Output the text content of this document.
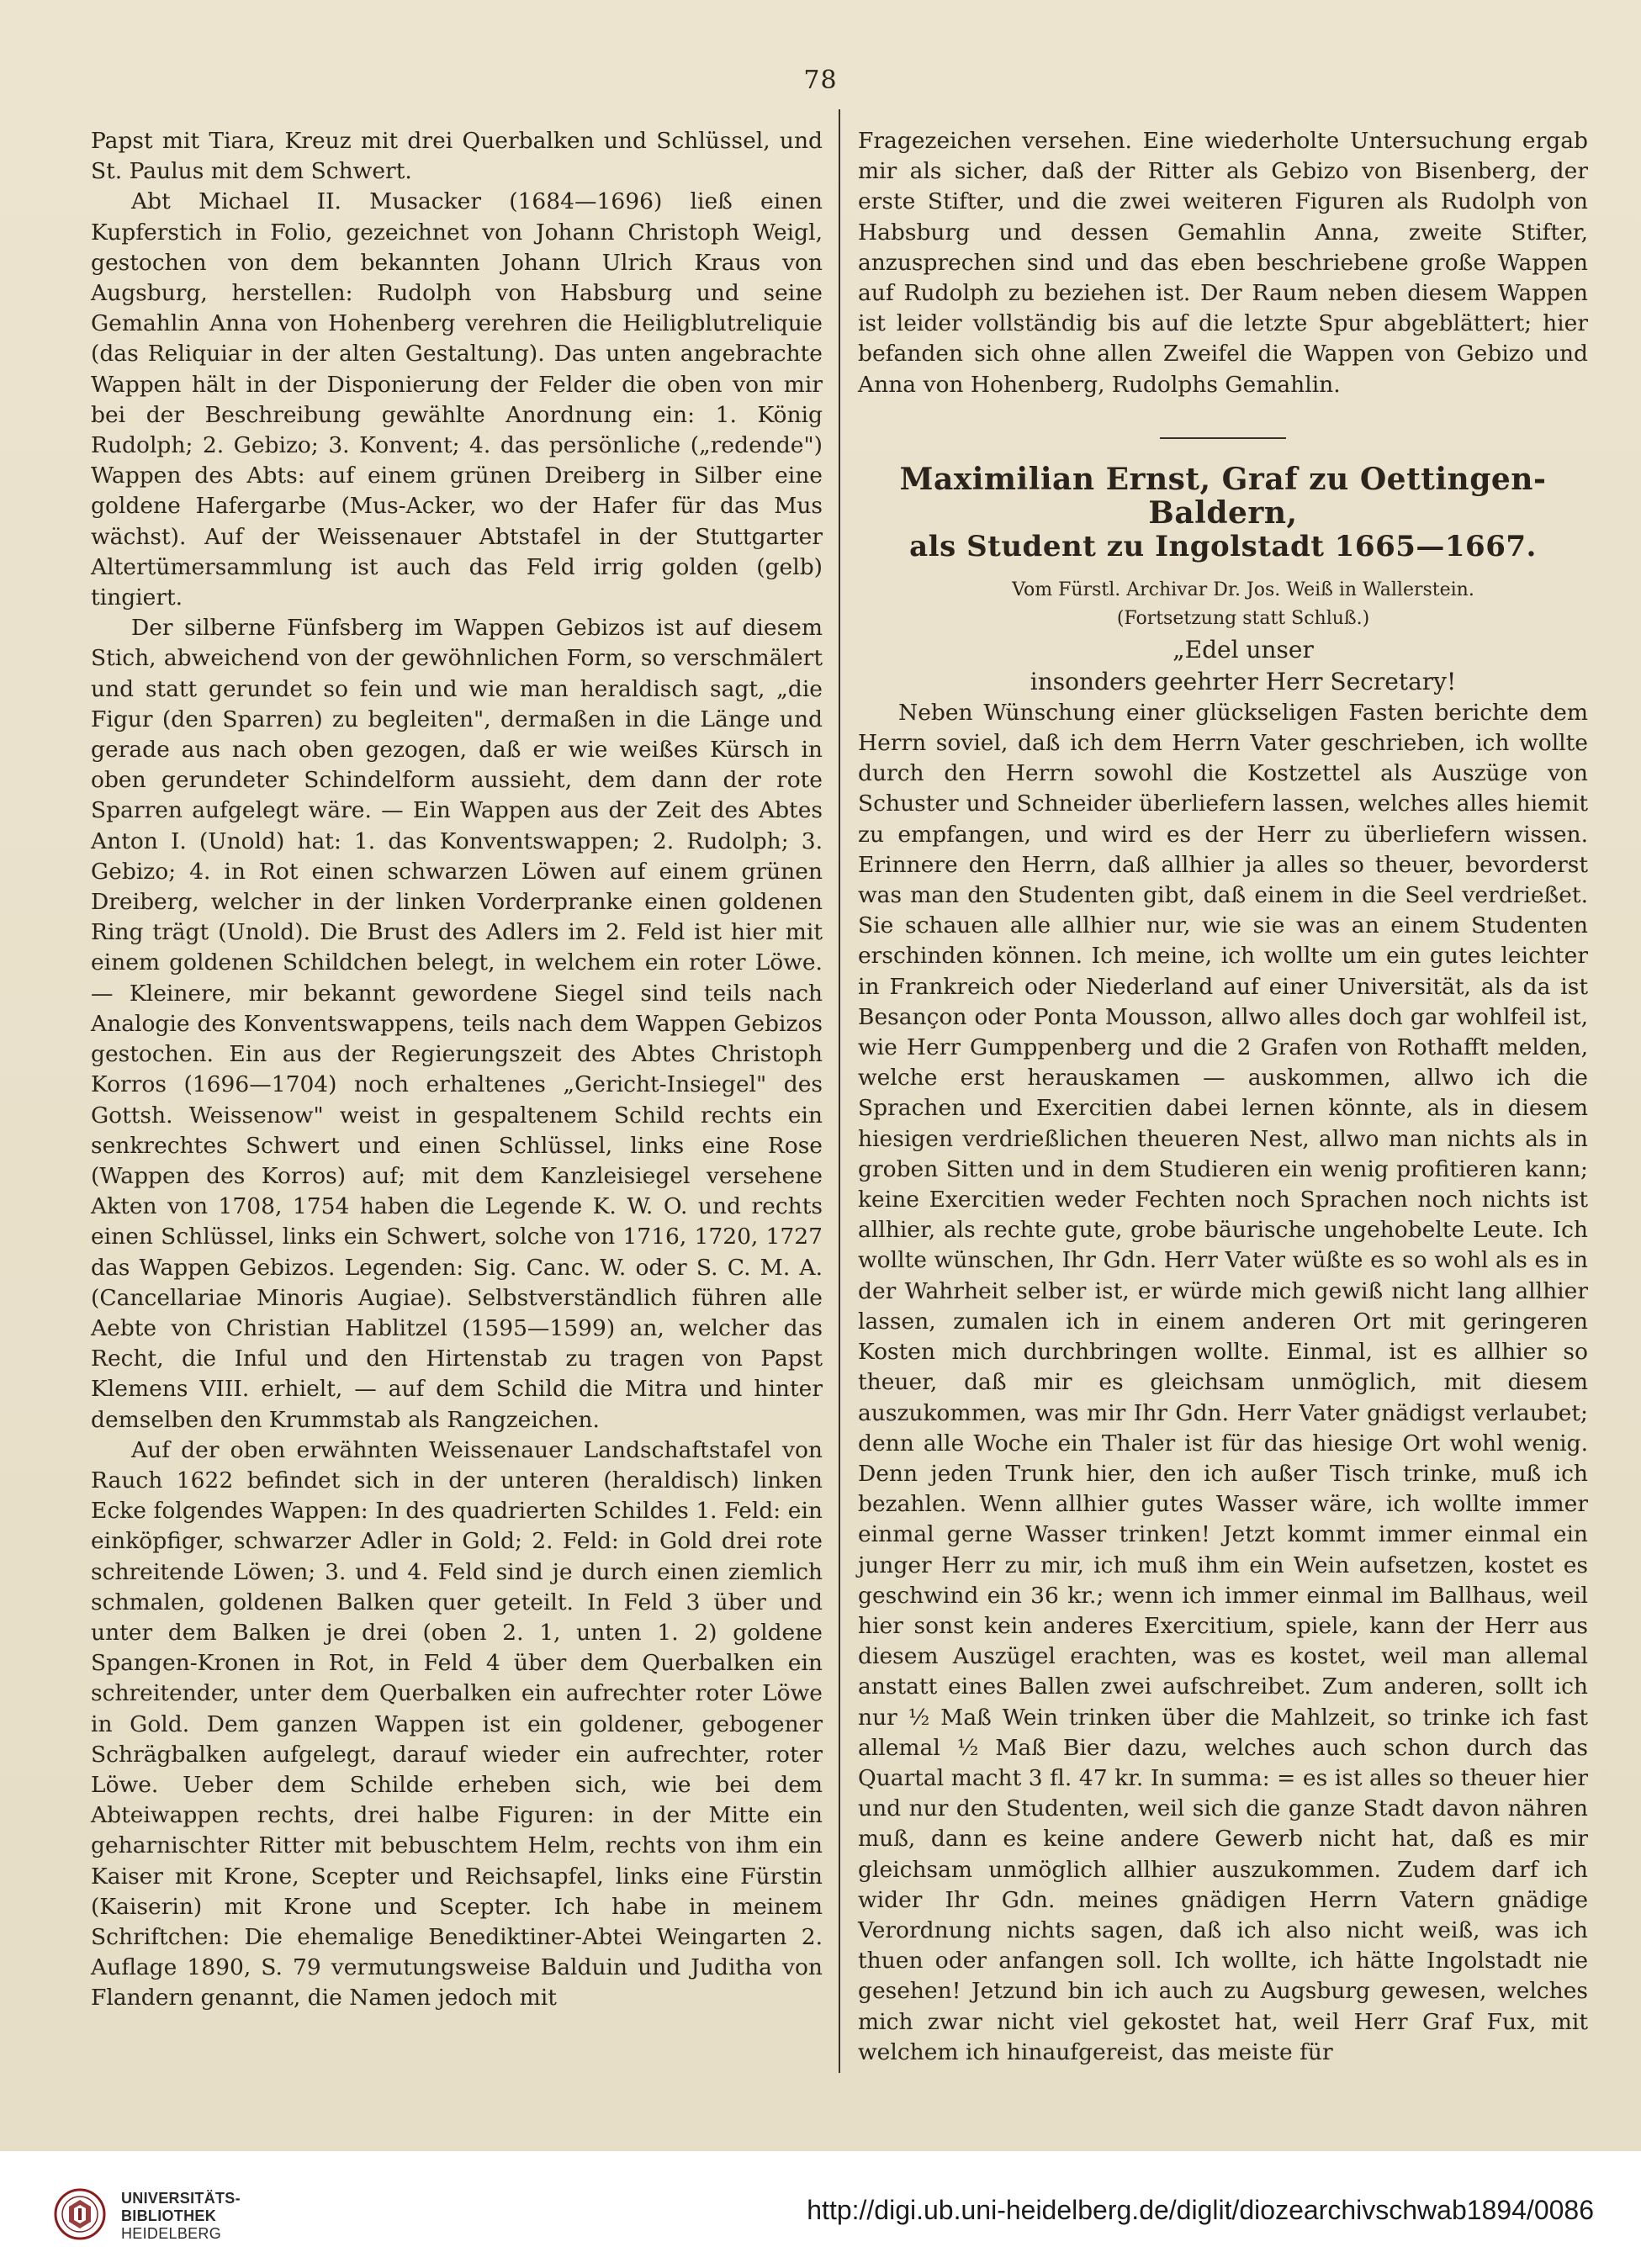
78

Papst mit Tiara, Kreuz mit drei Querbalken und Schlüssel, und St. Paulus mit dem Schwert.

Abt Michael II. Musacker (1684—1696) ließ einen Kupferstich in Folio, gezeichnet von Johann Christoph Weigl, gestochen von dem bekannten Johann Ulrich Kraus von Augsburg, herstellen: Rudolph von Habsburg und seine Gemahlin Anna von Hohenberg verehren die Heiligblutreliquie (das Reliquiar in der alten Gestaltung). Das unten angebrachte Wappen hält in der Disponierung der Felder die oben von mir bei der Beschreibung gewählte Anordnung ein: 1. König Rudolph; 2. Gebizo; 3. Konvent; 4. das persönliche („redende") Wappen des Abts: auf einem grünen Dreiberg in Silber eine goldene Hafergarbe (Mus-Acker, wo der Hafer für das Mus wächst). Auf der Weissenauer Abtstafel in der Stuttgarter Altertümersammlung ist auch das Feld irrig golden (gelb) tingiert.

Der silberne Fünfsberg im Wappen Gebizos ist auf diesem Stich, abweichend von der gewöhnlichen Form, so verschmälert und statt gerundet so fein und wie man heraldisch sagt, „die Figur (den Sparren) zu begleiten", dermaßen in die Länge und gerade aus nach oben gezogen, daß er wie weißes Kürsch in oben gerundeter Schindelform aussieht, dem dann der rote Sparren aufgelegt wäre. — Ein Wappen aus der Zeit des Abtes Anton I. (Unold) hat: 1. das Konventswappen; 2. Rudolph; 3. Gebizo; 4. in Rot einen schwarzen Löwen auf einem grünen Dreiberg, welcher in der linken Vorderpranke einen goldenen Ring trägt (Unold). Die Brust des Adlers im 2. Feld ist hier mit einem goldenen Schildchen belegt, in welchem ein roter Löwe. — Kleinere, mir bekannt gewordene Siegel sind teils nach Analogie des Konventswappens, teils nach dem Wappen Gebizos gestochen. Ein aus der Regierungszeit des Abtes Christoph Korros (1696—1704) noch erhaltenes „Gericht-Insiegel" des Gottsh. Weissenow" weist in gespaltenem Schild rechts ein senkrechtes Schwert und einen Schlüssel, links eine Rose (Wappen des Korros) auf; mit dem Kanzleisiegel versehene Akten von 1708, 1754 haben die Legende K. W. O. und rechts einen Schlüssel, links ein Schwert, solche von 1716, 1720, 1727 das Wappen Gebizos. Legenden: Sig. Canc. W. oder S. C. M. A. (Cancellariae Minoris Augiae). Selbstverständlich führen alle Aebte von Christian Hablitzel (1595—1599) an, welcher das Recht, die Inful und den Hirtenstab zu tragen von Papst Klemens VIII. erhielt, — auf dem Schild die Mitra und hinter demselben den Krummstab als Rangzeichen.

Auf der oben erwähnten Weissenauer Landschaftstafel von Rauch 1622 befindet sich in der unteren (heraldisch) linken Ecke folgendes Wappen: In des quadrierten Schildes 1. Feld: ein einköpfiger, schwarzer Adler in Gold; 2. Feld: in Gold drei rote schreitende Löwen; 3. und 4. Feld sind je durch einen ziemlich schmalen, goldenen Balken quer geteilt. In Feld 3 über und unter dem Balken je drei (oben 2. 1, unten 1. 2) goldene Spangen-Kronen in Rot, in Feld 4 über dem Querbalken ein schreitender, unter dem Querbalken ein aufrechter roter Löwe in Gold. Dem ganzen Wappen ist ein goldener, gebogener Schrägbalken aufgelegt, darauf wieder ein aufrechter, roter Löwe. Ueber dem Schilde erheben sich, wie bei dem Abteiwappen rechts, drei halbe Figuren: in der Mitte ein geharnischter Ritter mit bebuschtem Helm, rechts von ihm ein Kaiser mit Krone, Scepter und Reichsapfel, links eine Fürstin (Kaiserin) mit Krone und Scepter. Ich habe in meinem Schriftchen: Die ehemalige Benediktiner-Abtei Weingarten 2. Auflage 1890, S. 79 vermutungsweise Balduin und Juditha von Flandern genannt, die Namen jedoch mit

Fragezeichen versehen. Eine wiederholte Untersuchung ergab mir als sicher, daß der Ritter als Gebizo von Bisenberg, der erste Stifter, und die zwei weiteren Figuren als Rudolph von Habsburg und dessen Gemahlin Anna, zweite Stifter, anzusprechen sind und das eben beschriebene große Wappen auf Rudolph zu beziehen ist. Der Raum neben diesem Wappen ist leider vollständig bis auf die letzte Spur abgeblättert; hier befanden sich ohne allen Zweifel die Wappen von Gebizo und Anna von Hohenberg, Rudolphs Gemahlin.

Maximilian Ernst, Graf zu Oettingen-Baldern,
als Student zu Ingolstadt 1665—1667.

Vom Fürstl. Archivar Dr. Jos. Weiß in Wallerstein.

(Fortsetzung statt Schluß.)

„Edel unser

insonders geehrter Herr Secretary!

Neben Wünschung einer glückseligen Fasten berichte dem Herrn soviel, daß ich dem Herrn Vater geschrieben, ich wollte durch den Herrn sowohl die Kostzettel als Auszüge von Schuster und Schneider überliefern lassen, welches alles hiemit zu empfangen, und wird es der Herr zu überliefern wissen. Erinnere den Herrn, daß allhier ja alles so theuer, bevorderst was man den Studenten gibt, daß einem in die Seel verdrießet. Sie schauen alle allhier nur, wie sie was an einem Studenten erschinden können. Ich meine, ich wollte um ein gutes leichter in Frankreich oder Niederland auf einer Universität, als da ist Besançon oder Ponta Mousson, allwo alles doch gar wohlfeil ist, wie Herr Gumppenberg und die 2 Grafen von Rothafft melden, welche erst herauskamen — auskommen, allwo ich die Sprachen und Exercitien dabei lernen könnte, als in diesem hiesigen verdrießlichen theueren Nest, allwo man nichts als in groben Sitten und in dem Studieren ein wenig profitieren kann; keine Exercitien weder Fechten noch Sprachen noch nichts ist allhier, als rechte gute, grobe bäurische ungehobelte Leute. Ich wollte wünschen, Ihr Gdn. Herr Vater wüßte es so wohl als es in der Wahrheit selber ist, er würde mich gewiß nicht lang allhier lassen, zumalen ich in einem anderen Ort mit geringeren Kosten mich durchbringen wollte. Einmal, ist es allhier so theuer, daß mir es gleichsam unmöglich, mit diesem auszukommen, was mir Ihr Gdn. Herr Vater gnädigst verlaubet; denn alle Woche ein Thaler ist für das hiesige Ort wohl wenig. Denn jeden Trunk hier, den ich außer Tisch trinke, muß ich bezahlen. Wenn allhier gutes Wasser wäre, ich wollte immer einmal gerne Wasser trinken! Jetzt kommt immer einmal ein junger Herr zu mir, ich muß ihm ein Wein aufsetzen, kostet es geschwind ein 36 kr.; wenn ich immer einmal im Ballhaus, weil hier sonst kein anderes Exercitium, spiele, kann der Herr aus diesem Auszügel erachten, was es kostet, weil man allemal anstatt eines Ballen zwei aufschreibet. Zum anderen, sollt ich nur ½ Maß Wein trinken über die Mahlzeit, so trinke ich fast allemal ½ Maß Bier dazu, welches auch schon durch das Quartal macht 3 fl. 47 kr. In summa: = es ist alles so theuer hier und nur den Studenten, weil sich die ganze Stadt davon nähren muß, dann es keine andere Gewerb nicht hat, daß es mir gleichsam unmöglich allhier auszukommen. Zudem darf ich wider Ihr Gdn. meines gnädigen Herrn Vatern gnädige Verordnung nichts sagen, daß ich also nicht weiß, was ich thuen oder anfangen soll. Ich wollte, ich hätte Ingolstadt nie gesehen! Jetzund bin ich auch zu Augsburg gewesen, welches mich zwar nicht viel gekostet hat, weil Herr Graf Fux, mit welchem ich hinaufgereist, das meiste für

UNIVERSITÄTS-
BIBLIOTHEK
HEIDELBERG
http://digi.ub.uni-heidelberg.de/diglit/diozearchivschwab1894/0086
